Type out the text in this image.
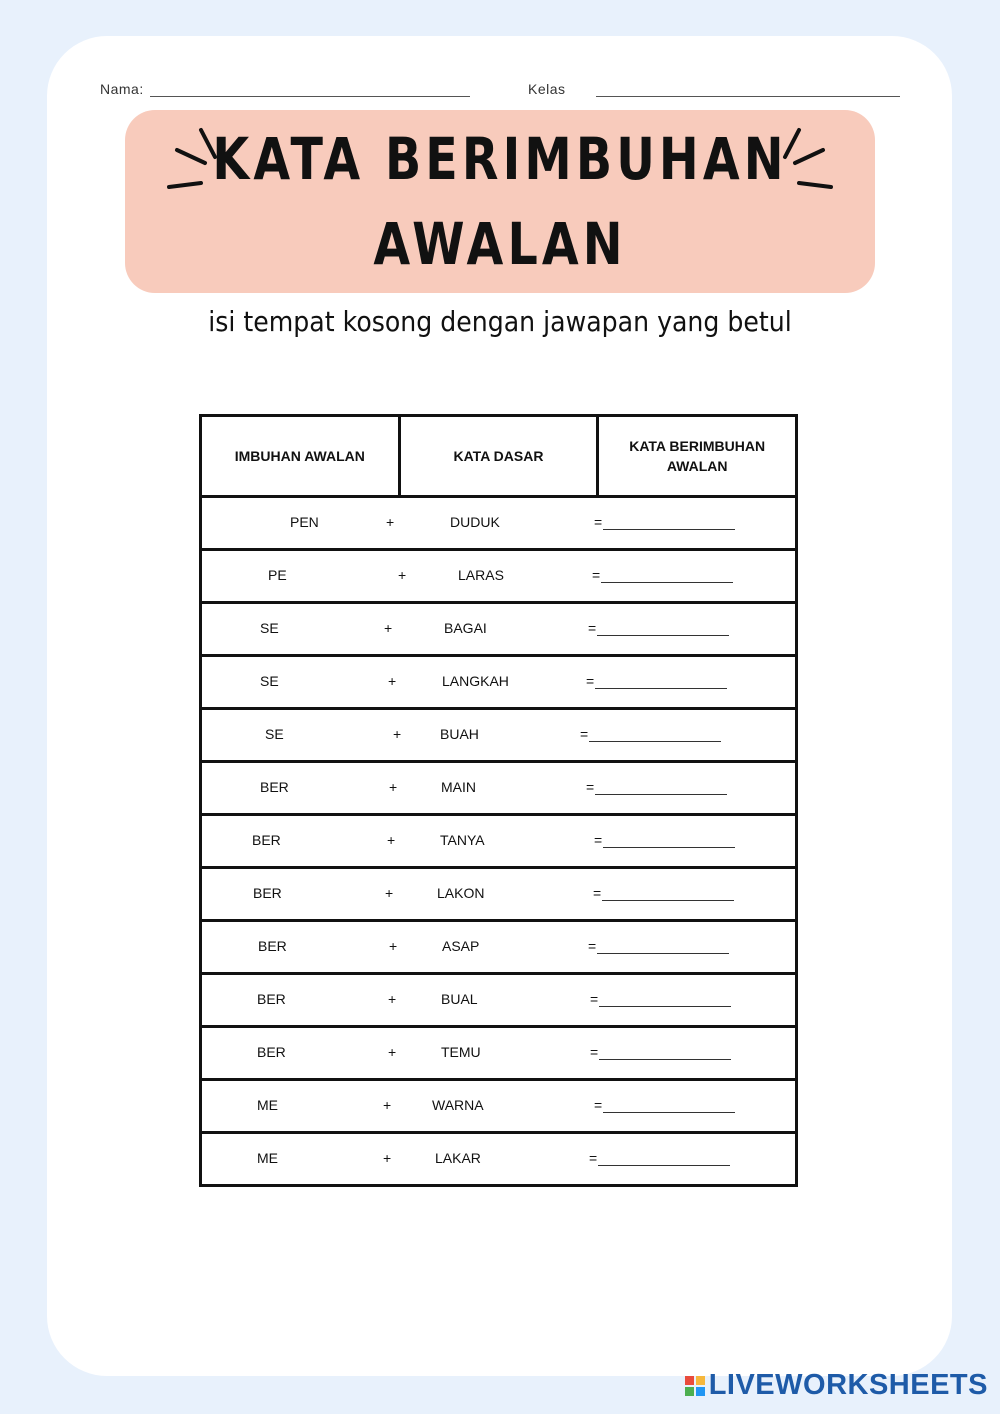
Nama:	Kelas
KATA BERIMBUHAN
AWALAN
isi tempat kosong dengan jawapan yang betul
IMBUHAN AWALAN	KATA DASAR	KATA BERIMBUHAN AWALAN

PEN	+	DUDUK	=

PE	+	LARAS	=

SE	+	BAGAI	=

SE	+	LANGKAH	=

SE	+	BUAH	=

BER	+	MAIN	=

BER	+	TANYA	=

BER	+	LAKON	=

BER	+	ASAP	=

BER	+	BUAL	=

BER	+	TEMU	=

ME	+	WARNA	=

ME	+	LAKAR	=
LIVEWORKSHEETS
